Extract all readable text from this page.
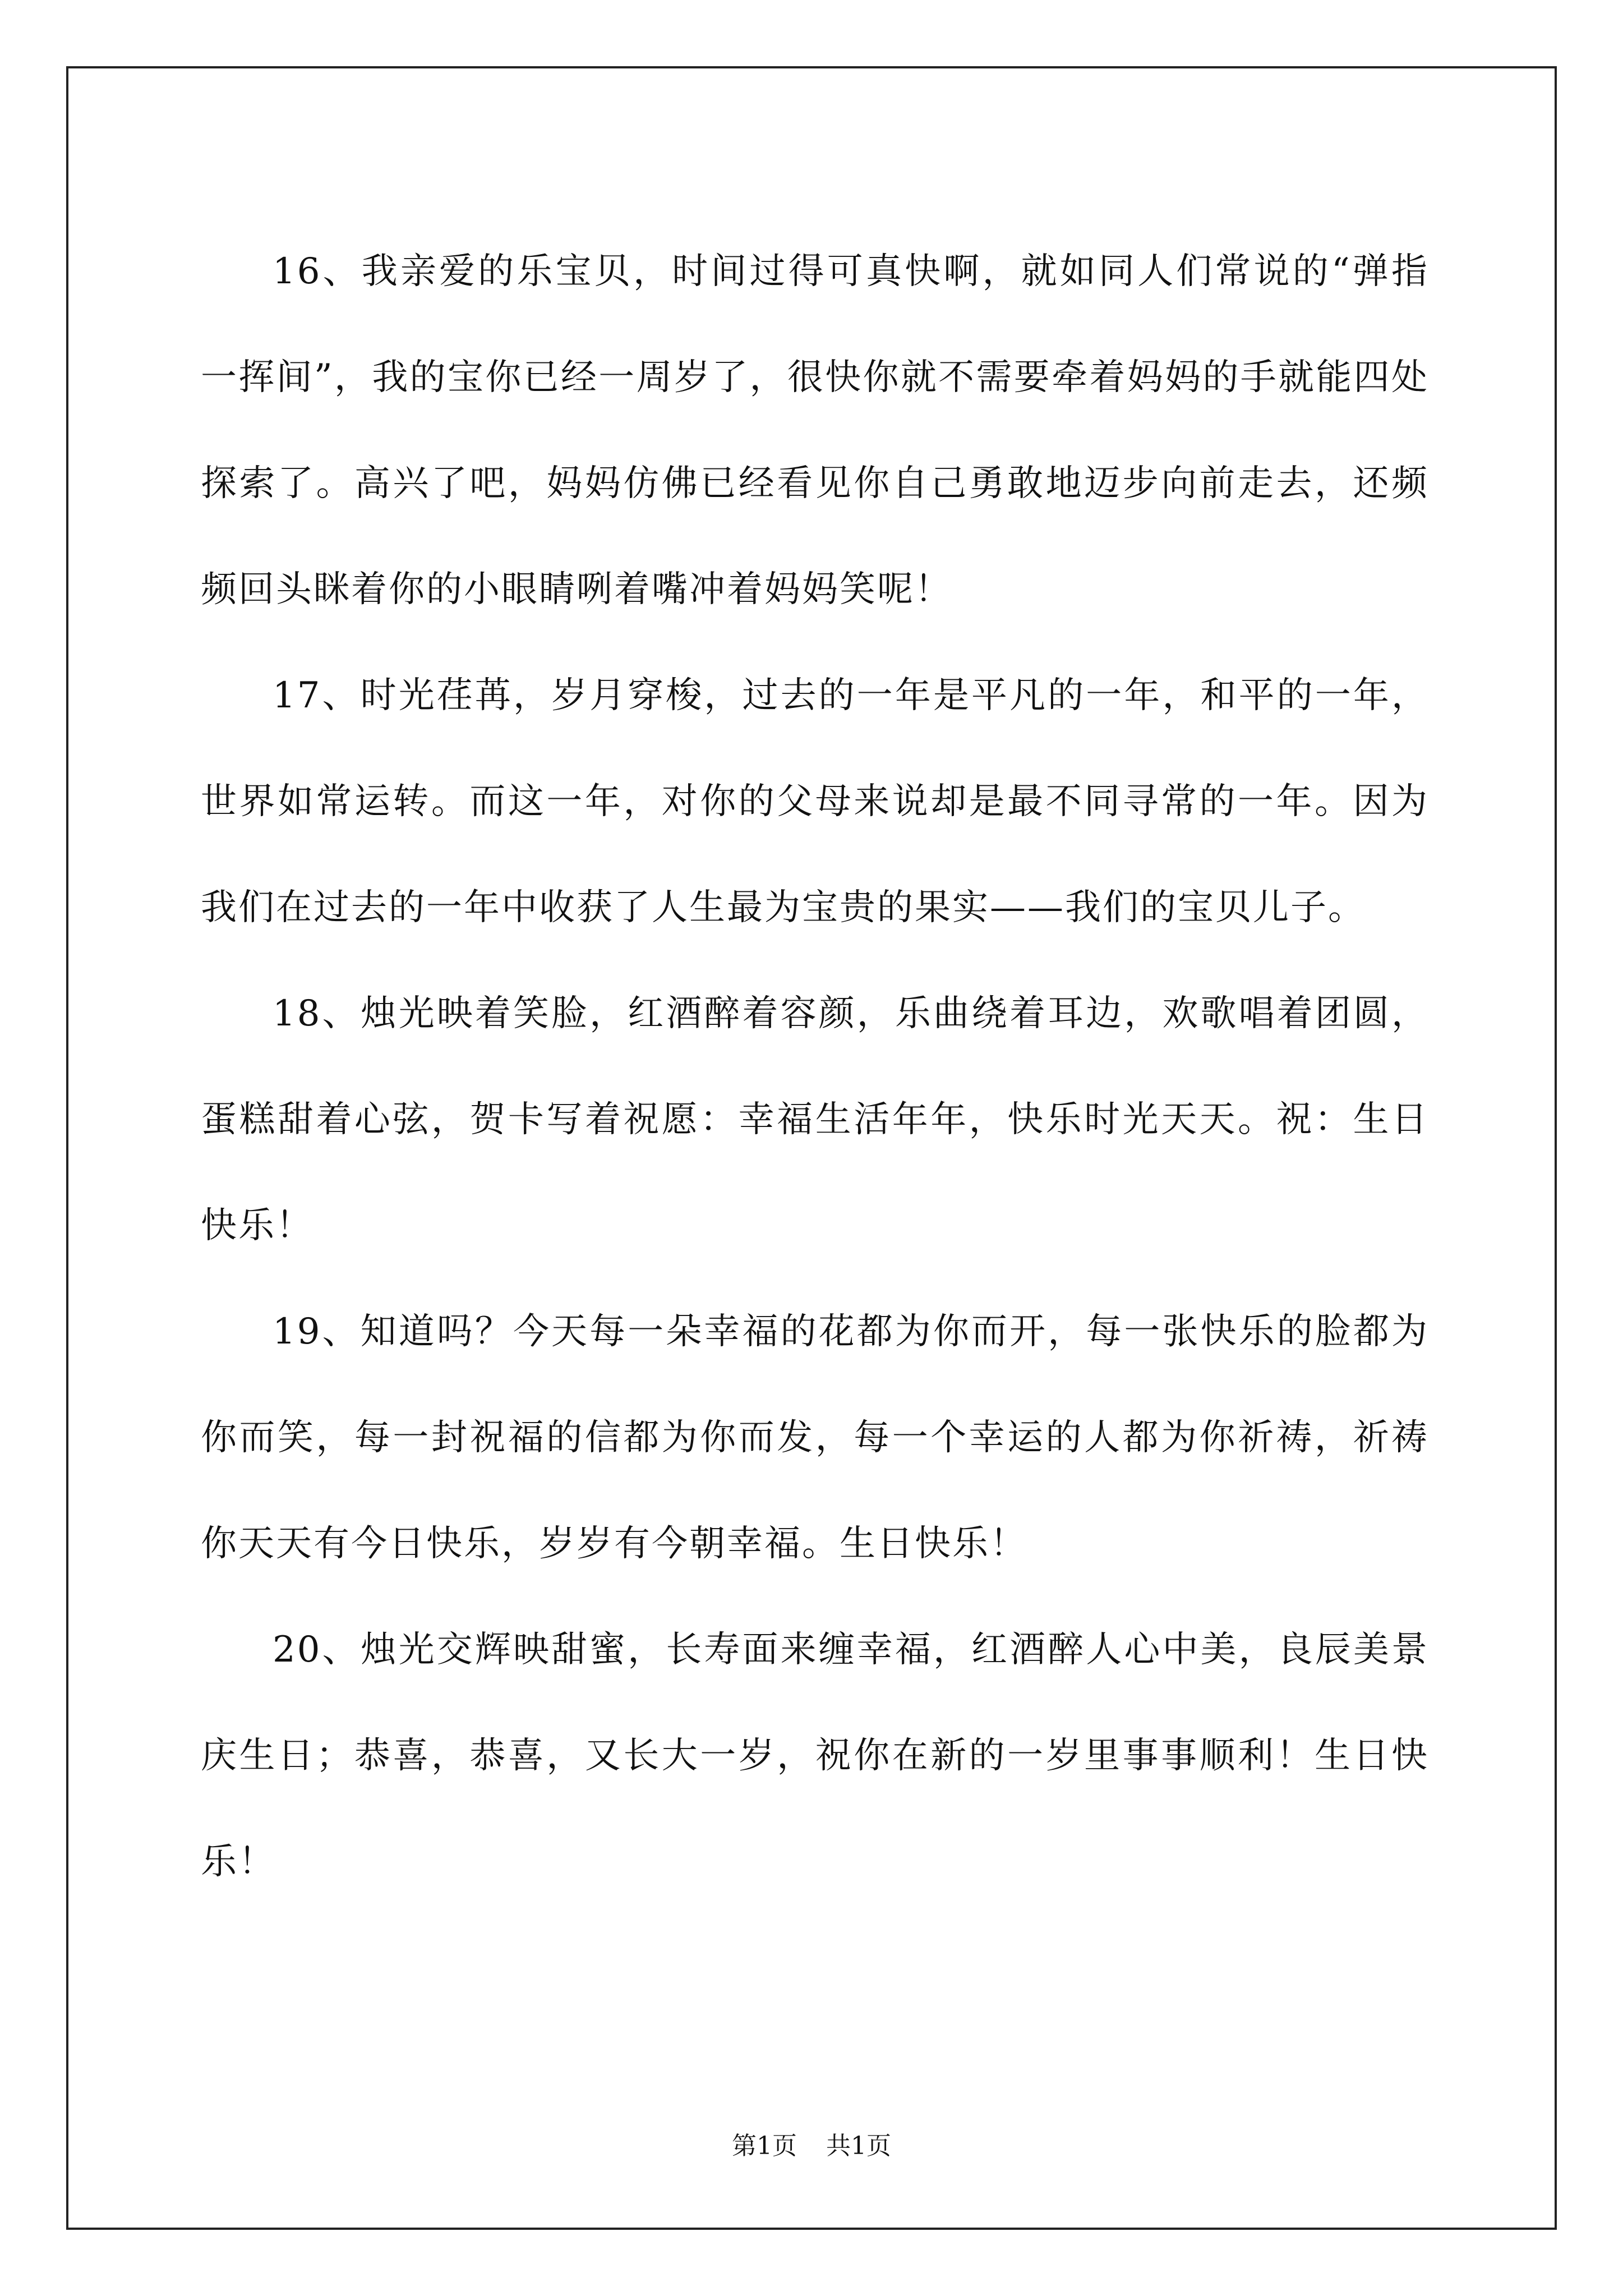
16、我亲爱的乐宝贝，时间过得可真快啊，就如同人们常说的“弹指一挥间”，我的宝你已经一周岁了，很快你就不需要牵着妈妈的手就能四处探索了。高兴了吧，妈妈仿佛已经看见你自己勇敢地迈步向前走去，还频频回头眯着你的小眼睛咧着嘴冲着妈妈笑呢！

17、时光荏苒，岁月穿梭，过去的一年是平凡的一年，和平的一年，世界如常运转。而这一年，对你的父母来说却是最不同寻常的一年。因为我们在过去的一年中收获了人生最为宝贵的果实——我们的宝贝儿子。

18、烛光映着笑脸，红酒醉着容颜，乐曲绕着耳边，欢歌唱着团圆，蛋糕甜着心弦，贺卡写着祝愿：幸福生活年年，快乐时光天天。祝：生日快乐！

19、知道吗？今天每一朵幸福的花都为你而开，每一张快乐的脸都为你而笑，每一封祝福的信都为你而发，每一个幸运的人都为你祈祷，祈祷你天天有今日快乐，岁岁有今朝幸福。生日快乐！

20、烛光交辉映甜蜜，长寿面来缠幸福，红酒醉人心中美，良辰美景庆生日；恭喜，恭喜，又长大一岁，祝你在新的一岁里事事顺利！生日快乐！

第1页 共1页
